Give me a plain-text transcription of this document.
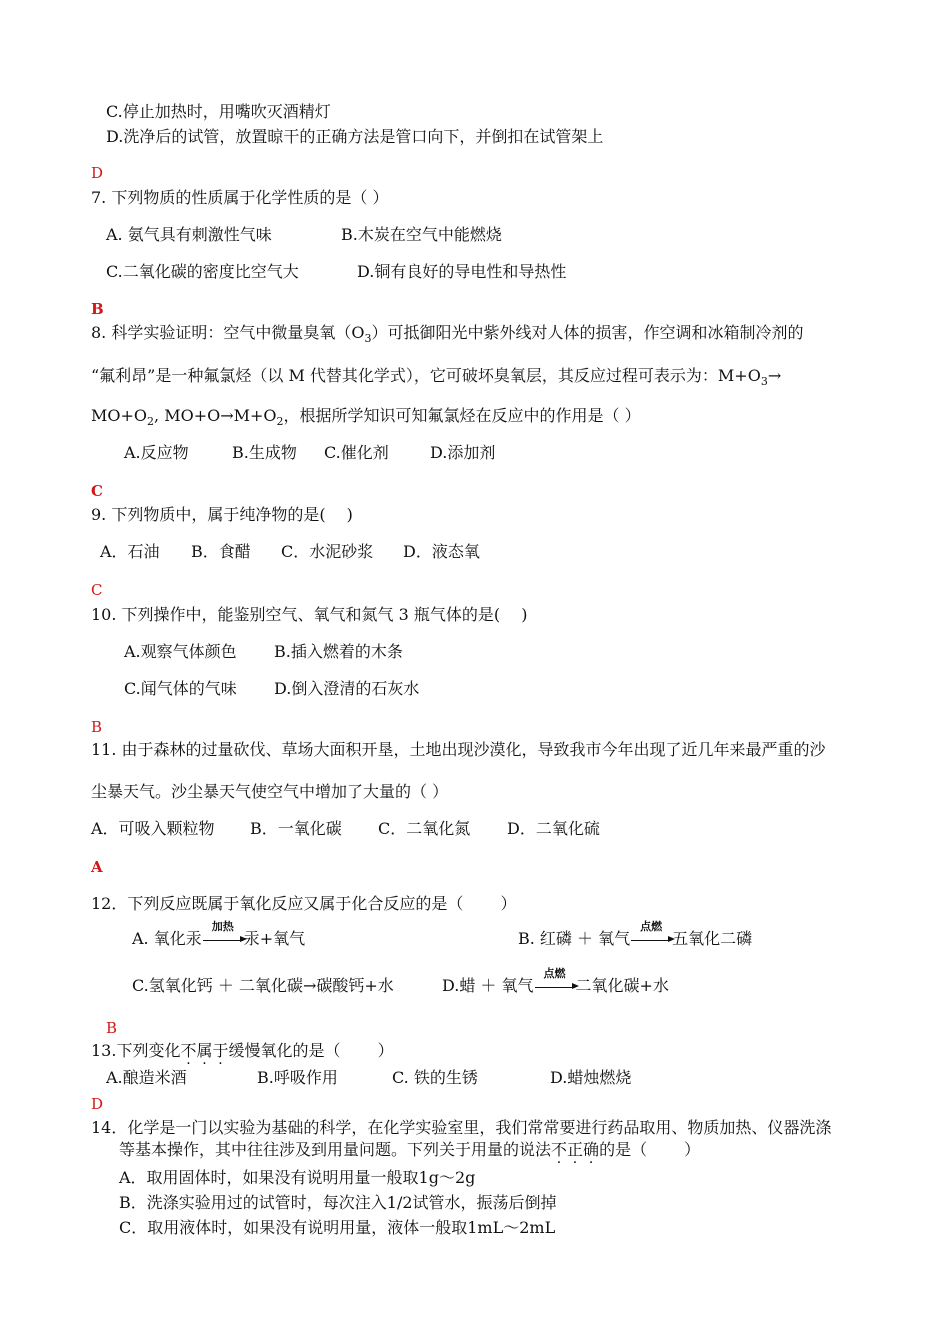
C.停止加热时，用嘴吹灭酒精灯
D.洗净后的试管，放置晾干的正确方法是管口向下，并倒扣在试管架上
D
7. 下列物质的性质属于化学性质的是（ ）
A. 氨气具有刺激性气味	B.木炭在空气中能燃烧
C.二氧化碳的密度比空气大	D.铜有良好的导电性和导热性
B
8. 科学实验证明：空气中微量臭氧$(O_3)$可抵御阳光中紫外线对人体的损害，作空调和冰箱制冷剂的
“氟利昂”是一种氟氯烃（以 M 代替其化学式），它可破坏臭氧层，其反应过程可表示为：$M+O_3\to$
$MO+O_2$, $MO+O\to M+O_2$，根据所学知识可知氟氯烃在反应中的作用是（ ）
A.反应物	B.生成物 C.催化剂	D.添加剂
C
9. 下列物质中，属于纯净物的是(　 )
A．石油 B．食醋 C．水泥砂浆 D．液态氧
C
10. 下列操作中，能鉴别空气、氧气和氮气 3 瓶气体的是(　 )
A.观察气体颜色 B.插入燃着的木条
C.闻气体的气味 D.倒入澄清的石灰水
B
11. 由于森林的过量砍伐、草场大面积开垦，土地出现沙漠化，导致我市今年出现了近几年来最严重的沙
尘暴天气。沙尘暴天气使空气中增加了大量的（ ）
A．可吸入颗粒物 B．一氧化碳 C．二氧化氮 D．二氧化硫
A
12．下列反应既属于氧化反应又属于化合反应的是（　　 ）
A. 氧化汞
加热
汞+氧气	B. 红磷 ＋ 氧气
点燃
五氧化二磷
C.氢氧化钙 ＋ 二氧化碳→碳酸钙+水	D.蜡 ＋ 氧气
点燃
二氧化碳+水
B
13.下列变化不属于缓慢氧化的是（　　 ）
A.酿造米酒	B.呼吸作用	C. 铁的生锈	D.蜡烛燃烧
D
14．化学是一门以实验为基础的科学，在化学实验室里，我们常常要进行药品取用、物质加热、仪器洗涤
等基本操作，其中往往涉及到用量问题。下列关于用量的说法不正确的是（　　 ）
A．取用固体时，如果没有说明用量一般取1g～2g
B．洗涤实验用过的试管时，每次注入1/2试管水，振荡后倒掉
C．取用液体时，如果没有说明用量，液体一般取1mL～2mL
